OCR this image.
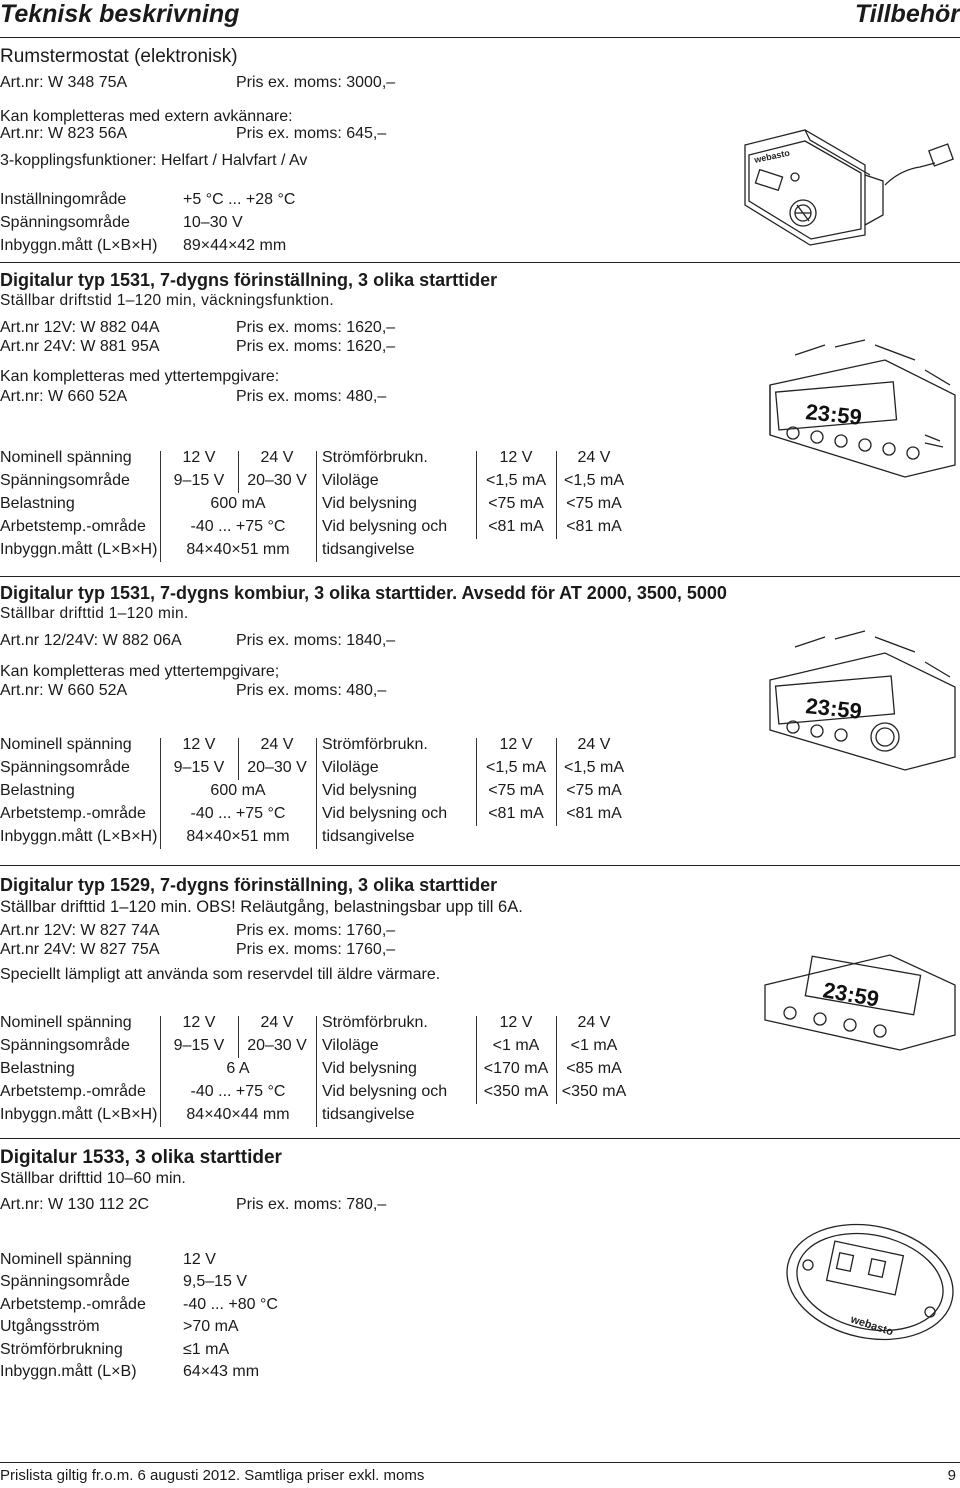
Teknisk beskrivning	Tillbehör
Rumstermostat (elektronisk)
Art.nr: W 348 75A	Pris ex. moms: 3000,–
Kan kompletteras med extern avkännare:
Art.nr: W 823 56A	Pris ex. moms: 645,–
3-kopplingsfunktioner: Helfart / Halvfart / Av
Inställningområde	+5 °C ... +28 °C
Spänningsområde	10–30 V
Inbyggn.mått (L×B×H) 89×44×42 mm
webasto
Digitalur typ 1531, 7-dygns förinställning, 3 olika starttider
Ställbar driftstid 1–120 min, väckningsfunktion.
Art.nr 12V: W 882 04A	Pris ex. moms: 1620,–
Art.nr 24V: W 881 95A	Pris ex. moms: 1620,–
Kan kompletteras med yttertempgivare:
Art.nr: W 660 52A	Pris ex. moms: 480,–
23:59
Nominell spänning	12 V	24 V	Strömförbrukn.	12 V	24 V
Spänningsområde	9–15 V	20–30 V Viloläge	<1,5 mA	<1,5 mA
Belastning	600 mA	Vid belysning	<75 mA	<75 mA
Arbetstemp.-område	-40 ... +75 °C	Vid belysning och	<81 mA	<81 mA
Inbyggn.mått (L×B×H)	84×40×51 mm	tidsangivelse
Digitalur typ 1531, 7-dygns kombiur, 3 olika starttider. Avsedd för AT 2000, 3500, 5000
Ställbar drifttid 1–120 min.
Art.nr 12/24V: W 882 06A	Pris ex. moms: 1840,–
Kan kompletteras med yttertempgivare;
Art.nr: W 660 52A	Pris ex. moms: 480,–
23:59
Nominell spänning	12 V	24 V	Strömförbrukn.	12 V	24 V
Spänningsområde	9–15 V	20–30 V Viloläge	<1,5 mA	<1,5 mA
Belastning	600 mA	Vid belysning	<75 mA	<75 mA
Arbetstemp.-område	-40 ... +75 °C	Vid belysning och	<81 mA	<81 mA
Inbyggn.mått (L×B×H)	84×40×51 mm	tidsangivelse
Digitalur typ 1529, 7-dygns förinställning, 3 olika starttider
Ställbar drifttid 1–120 min. OBS! Reläutgång, belastningsbar upp till 6A.
Art.nr 12V: W 827 74A	Pris ex. moms: 1760,–
Art.nr 24V: W 827 75A	Pris ex. moms: 1760,–
Speciellt lämpligt att använda som reservdel till äldre värmare.
23:59
Nominell spänning	12 V	24 V	Strömförbrukn.	12 V	24 V
Spänningsområde	9–15 V	20–30 V Viloläge	<1 mA	<1 mA
Belastning	6 A	Vid belysning	<170 mA	<85 mA
Arbetstemp.-område	-40 ... +75 °C	Vid belysning och	<350 mA <350 mA
Inbyggn.mått (L×B×H)	84×40×44 mm	tidsangivelse
Digitalur 1533, 3 olika starttider
Ställbar drifttid 10–60 min.
Art.nr: W 130 112 2C	Pris ex. moms: 780,–
Nominell spänning	12 V
Spänningsområde	9,5–15 V
Arbetstemp.-område -40 ... +80 °C
Utgångsström	>70 mA
Strömförbrukning	≤1 mA
Inbyggn.mått (L×B)	64×43 mm
webasto
Prislista giltig fr.o.m. 6 augusti 2012. Samtliga priser exkl. moms	9
